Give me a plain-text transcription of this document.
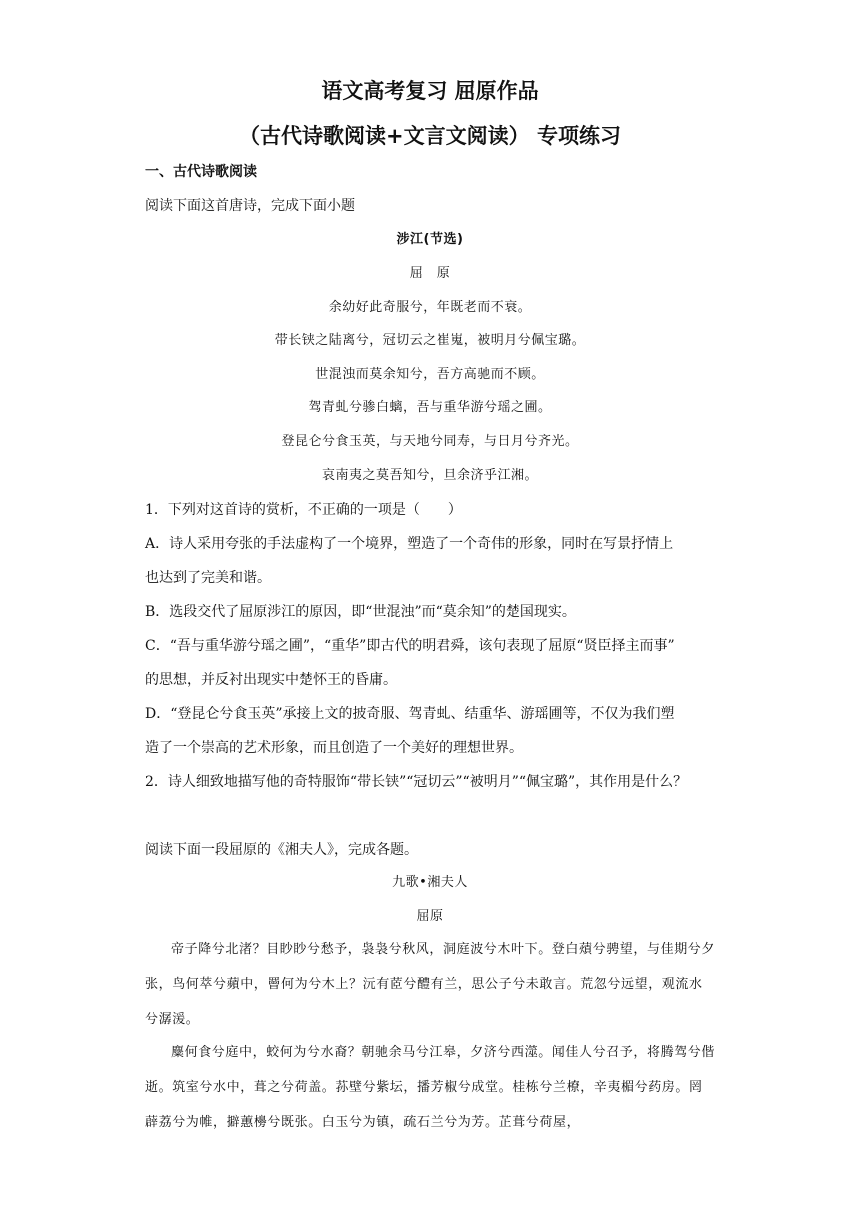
语文高考复习 屈原作品
（古代诗歌阅读+文言文阅读） 专项练习
一、古代诗歌阅读
阅读下面这首唐诗，完成下面小题
涉江(节选)
屈　原
余幼好此奇服兮，年既老而不衰。
带长铗之陆离兮，冠切云之崔嵬，被明月兮佩宝璐。
世混浊而莫余知兮，吾方高驰而不顾。
驾青虬兮骖白螭，吾与重华游兮瑶之圃。
登昆仑兮食玉英，与天地兮同寿，与日月兮齐光。
哀南夷之莫吾知兮，旦余济乎江湘。
1．下列对这首诗的赏析，不正确的一项是（　　）
A．诗人采用夸张的手法虚构了一个境界，塑造了一个奇伟的形象，同时在写景抒情上
也达到了完美和谐。
B．选段交代了屈原涉江的原因，即“世混浊”而“莫余知”的楚国现实。
C．“吾与重华游兮瑶之圃”，“重华”即古代的明君舜，该句表现了屈原“贤臣择主而事”
的思想，并反衬出现实中楚怀王的昏庸。
D．“登昆仑兮食玉英”承接上文的披奇服、驾青虬、结重华、游瑶圃等，不仅为我们塑
造了一个崇高的艺术形象，而且创造了一个美好的理想世界。
2．诗人细致地描写他的奇特服饰“带长铗”“冠切云”“被明月”“佩宝璐”，其作用是什么？
阅读下面一段屈原的《湘夫人》，完成各题。
九歌•湘夫人
屈原
帝子降兮北渚？目眇眇兮愁予，袅袅兮秋风，洞庭波兮木叶下。登白薠兮骋望，与佳期兮夕张，鸟何萃兮蘋中，罾何为兮木上？沅有茝兮醴有兰，思公子兮未敢言。荒忽兮远望，观流水兮潺湲。
麋何食兮庭中，蛟何为兮水裔？朝驰余马兮江皋，夕济兮西澨。闻佳人兮召予，将腾驾兮偕逝。筑室兮水中，葺之兮荷盖。荪壁兮紫坛，播芳椒兮成堂。桂栋兮兰橑，辛夷楣兮药房。罔薜荔兮为帷，擗蕙櫋兮既张。白玉兮为镇，疏石兰兮为芳。芷葺兮荷屋，
